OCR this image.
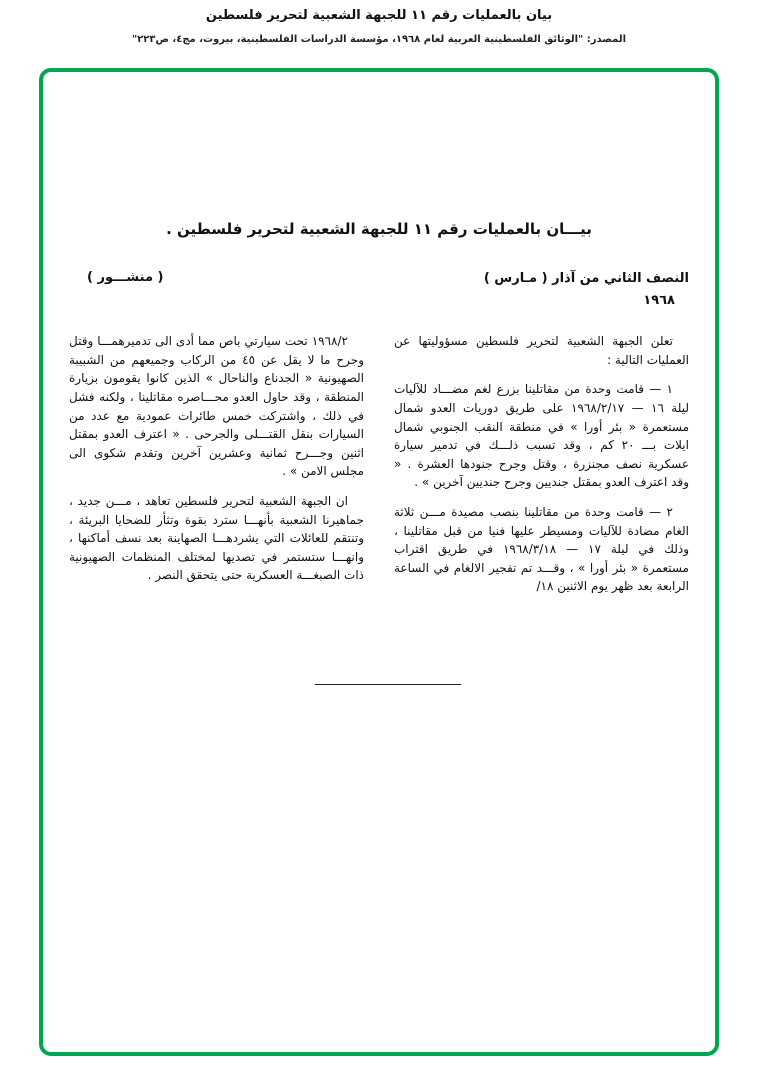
بيان بالعمليات رقم ١١ للجبهة الشعبية لتحرير فلسطين
المصدر: "الوثائق الفلسطينية العربية لعام ١٩٦٨، مؤسسة الدراسات الفلسطينية، بيروت، مج٤، ص٢٢٣"
بيـــان بالعمليات رقم ١١ للجبهة الشعبية لتحرير فلسطين .
النصف الثاني من آذار ( مـارس )
١٩٦٨
( منشـــور )

تعلن الجبهة الشعبية لتحرير فلسطين مسؤوليتها عن العمليات التالية :

١ — قامت وحدة من مقاتلينا بزرع لغم مضـــاد للآليات ليلة ١٦ — ١٩٦٨/٢/١٧ على طريق دوريات العدو شمال مستعمرة « بئر أورا » في منطقة النقب الجنوبي شمال ايلات بـــ ٢٠ كم ، وقد تسبب ذلـــك في تدمير سيارة عسكرية نصف مجنزرة ، وقتل وجرح جنودها العشرة . « وقد اعترف العدو بمقتل جنديين وجرح جنديين آخرين » .

٢ — قامت وحدة من مقاتلينا بنصب مصيدة مـــن ثلاثة الغام مضادة للآليات ومسيطر عليها فنيا من قبل مقاتلينا ، وذلك في ليلة ١٧ — ١٩٦٨/٣/١٨ في طريق اقتراب مستعمرة « بئر أورا » ، وقـــد تم تفجير الالغام في الساعة الرابعة بعد ظهر يوم الاثنين ١٨/

١٩٦٨/٢ تحت سيارتي باص مما أدى الى تدميرهمـــا وقتل وجرح ما لا يقل عن ٤٥ من الركاب وجميعهم من الشبيبة الصهيونية « الجدناع والناحال » الذين كانوا يقومون بزيارة المنطقة ، وقد حاول العدو محـــاصره مقاتلينا ، ولكنه فشل في ذلك ، واشتركت خمس طائرات عمودية مع عدد من السيارات بنقل القتـــلى والجرحى . « اعترف العدو بمقتل اثنين وجـــرح ثمانية وعشرين آخرين وتقدم شكوى الى مجلس الامن » .

ان الجبهة الشعبية لتحرير فلسطين تعاهد ، مـــن جديد ، جماهيرنا الشعبية بأنهـــا سترد بقوة وتثأر للضحايا البريئة ، وتنتقم للعائلات التي يشردهـــا الصهاينة بعد نسف أماكنها ، وانهـــا ستستمر في تصديها لمختلف المنظمات الصهيونية ذات الصبغـــة العسكرية حتى يتحقق النصر .
